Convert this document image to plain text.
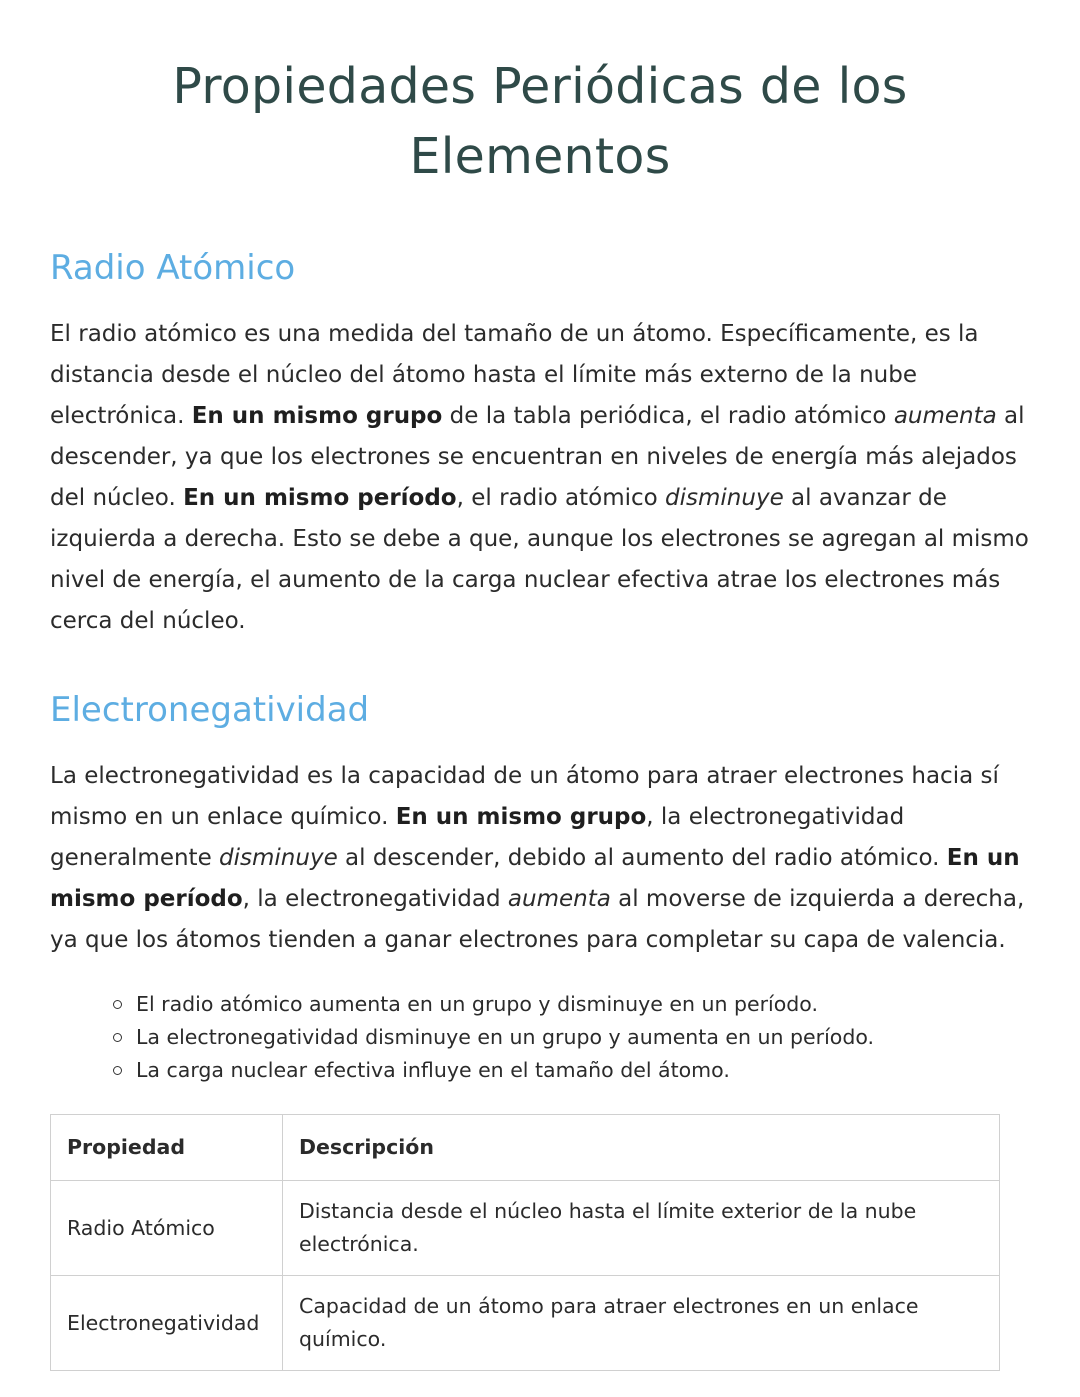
Propiedades Periódicas de los
Elementos
Radio Atómico

El radio atómico es una medida del tamaño de un átomo. Específicamente, es la distancia desde el núcleo del átomo hasta el límite más externo de la nube electrónica. En un mismo grupo de la tabla periódica, el radio atómico aumenta al descender, ya que los electrones se encuentran en niveles de energía más alejados del núcleo. En un mismo período, el radio atómico disminuye al avanzar de izquierda a derecha. Esto se debe a que, aunque los electrones se agregan al mismo nivel de energía, el aumento de la carga nuclear efectiva atrae los electrones más cerca del núcleo.

Electronegatividad

La electronegatividad es la capacidad de un átomo para atraer electrones hacia sí mismo en un enlace químico. En un mismo grupo, la electronegatividad generalmente disminuye al descender, debido al aumento del radio atómico. En un mismo período, la electronegatividad aumenta al moverse de izquierda a derecha, ya que los átomos tienden a ganar electrones para completar su capa de valencia.

El radio atómico aumenta en un grupo y disminuye en un período.
La electronegatividad disminuye en un grupo y aumenta en un período.
La carga nuclear efectiva influye en el tamaño del átomo.
Propiedad	Descripción
Radio Atómico	Distancia desde el núcleo hasta el límite exterior de la nube electrónica.
Electronegatividad	Capacidad de un átomo para atraer electrones en un enlace químico.
